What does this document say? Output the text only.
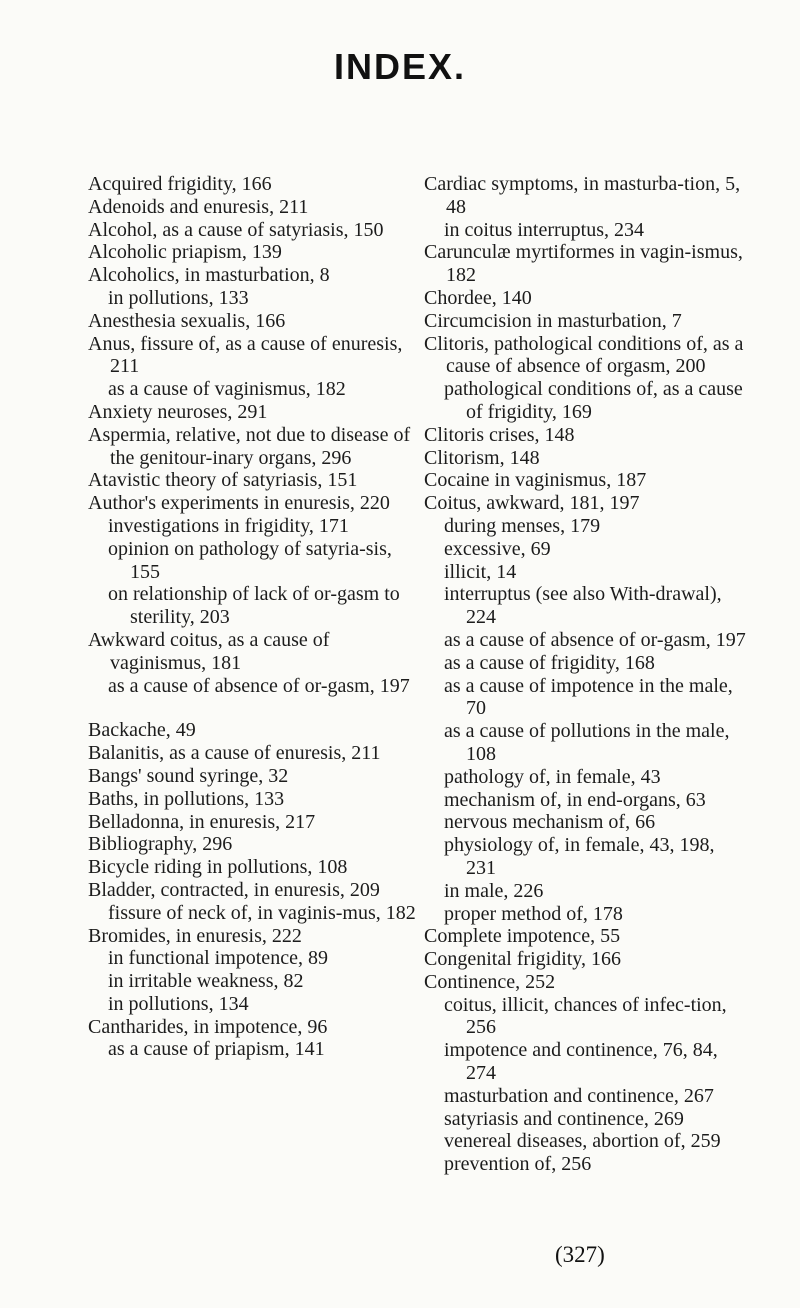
INDEX.
Acquired frigidity, 166
Adenoids and enuresis, 211
Alcohol, as a cause of satyriasis, 150
Alcoholic priapism, 139
Alcoholics, in masturbation, 8
in pollutions, 133
Anesthesia sexualis, 166
Anus, fissure of, as a cause of enuresis, 211
as a cause of vaginismus, 182
Anxiety neuroses, 291
Aspermia, relative, not due to disease of the genitour-inary organs, 296
Atavistic theory of satyriasis, 151
Author's experiments in enuresis, 220
investigations in frigidity, 171
opinion on pathology of satyria-sis, 155
on relationship of lack of or-gasm to sterility, 203
Awkward coitus, as a cause of vaginismus, 181
as a cause of absence of or-gasm, 197
Backache, 49
Balanitis, as a cause of enuresis, 211
Bangs' sound syringe, 32
Baths, in pollutions, 133
Belladonna, in enuresis, 217
Bibliography, 296
Bicycle riding in pollutions, 108
Bladder, contracted, in enuresis, 209
fissure of neck of, in vaginis-mus, 182
Bromides, in enuresis, 222
in functional impotence, 89
in irritable weakness, 82
in pollutions, 134
Cantharides, in impotence, 96
as a cause of priapism, 141
Cardiac symptoms, in masturba-tion, 5, 48
in coitus interruptus, 234
Carunculæ myrtiformes in vagin-ismus, 182
Chordee, 140
Circumcision in masturbation, 7
Clitoris, pathological conditions of, as a cause of absence of orgasm, 200
pathological conditions of, as a cause of frigidity, 169
Clitoris crises, 148
Clitorism, 148
Cocaine in vaginismus, 187
Coitus, awkward, 181, 197
during menses, 179
excessive, 69
illicit, 14
interruptus (see also With-drawal), 224
as a cause of absence of or-gasm, 197
as a cause of frigidity, 168
as a cause of impotence in the male, 70
as a cause of pollutions in the male, 108
pathology of, in female, 43
mechanism of, in end-organs, 63
nervous mechanism of, 66
physiology of, in female, 43, 198, 231
in male, 226
proper method of, 178
Complete impotence, 55
Congenital frigidity, 166
Continence, 252
coitus, illicit, chances of infec-tion, 256
impotence and continence, 76, 84, 274
masturbation and continence, 267
satyriasis and continence, 269
venereal diseases, abortion of, 259
prevention of, 256
(327)
